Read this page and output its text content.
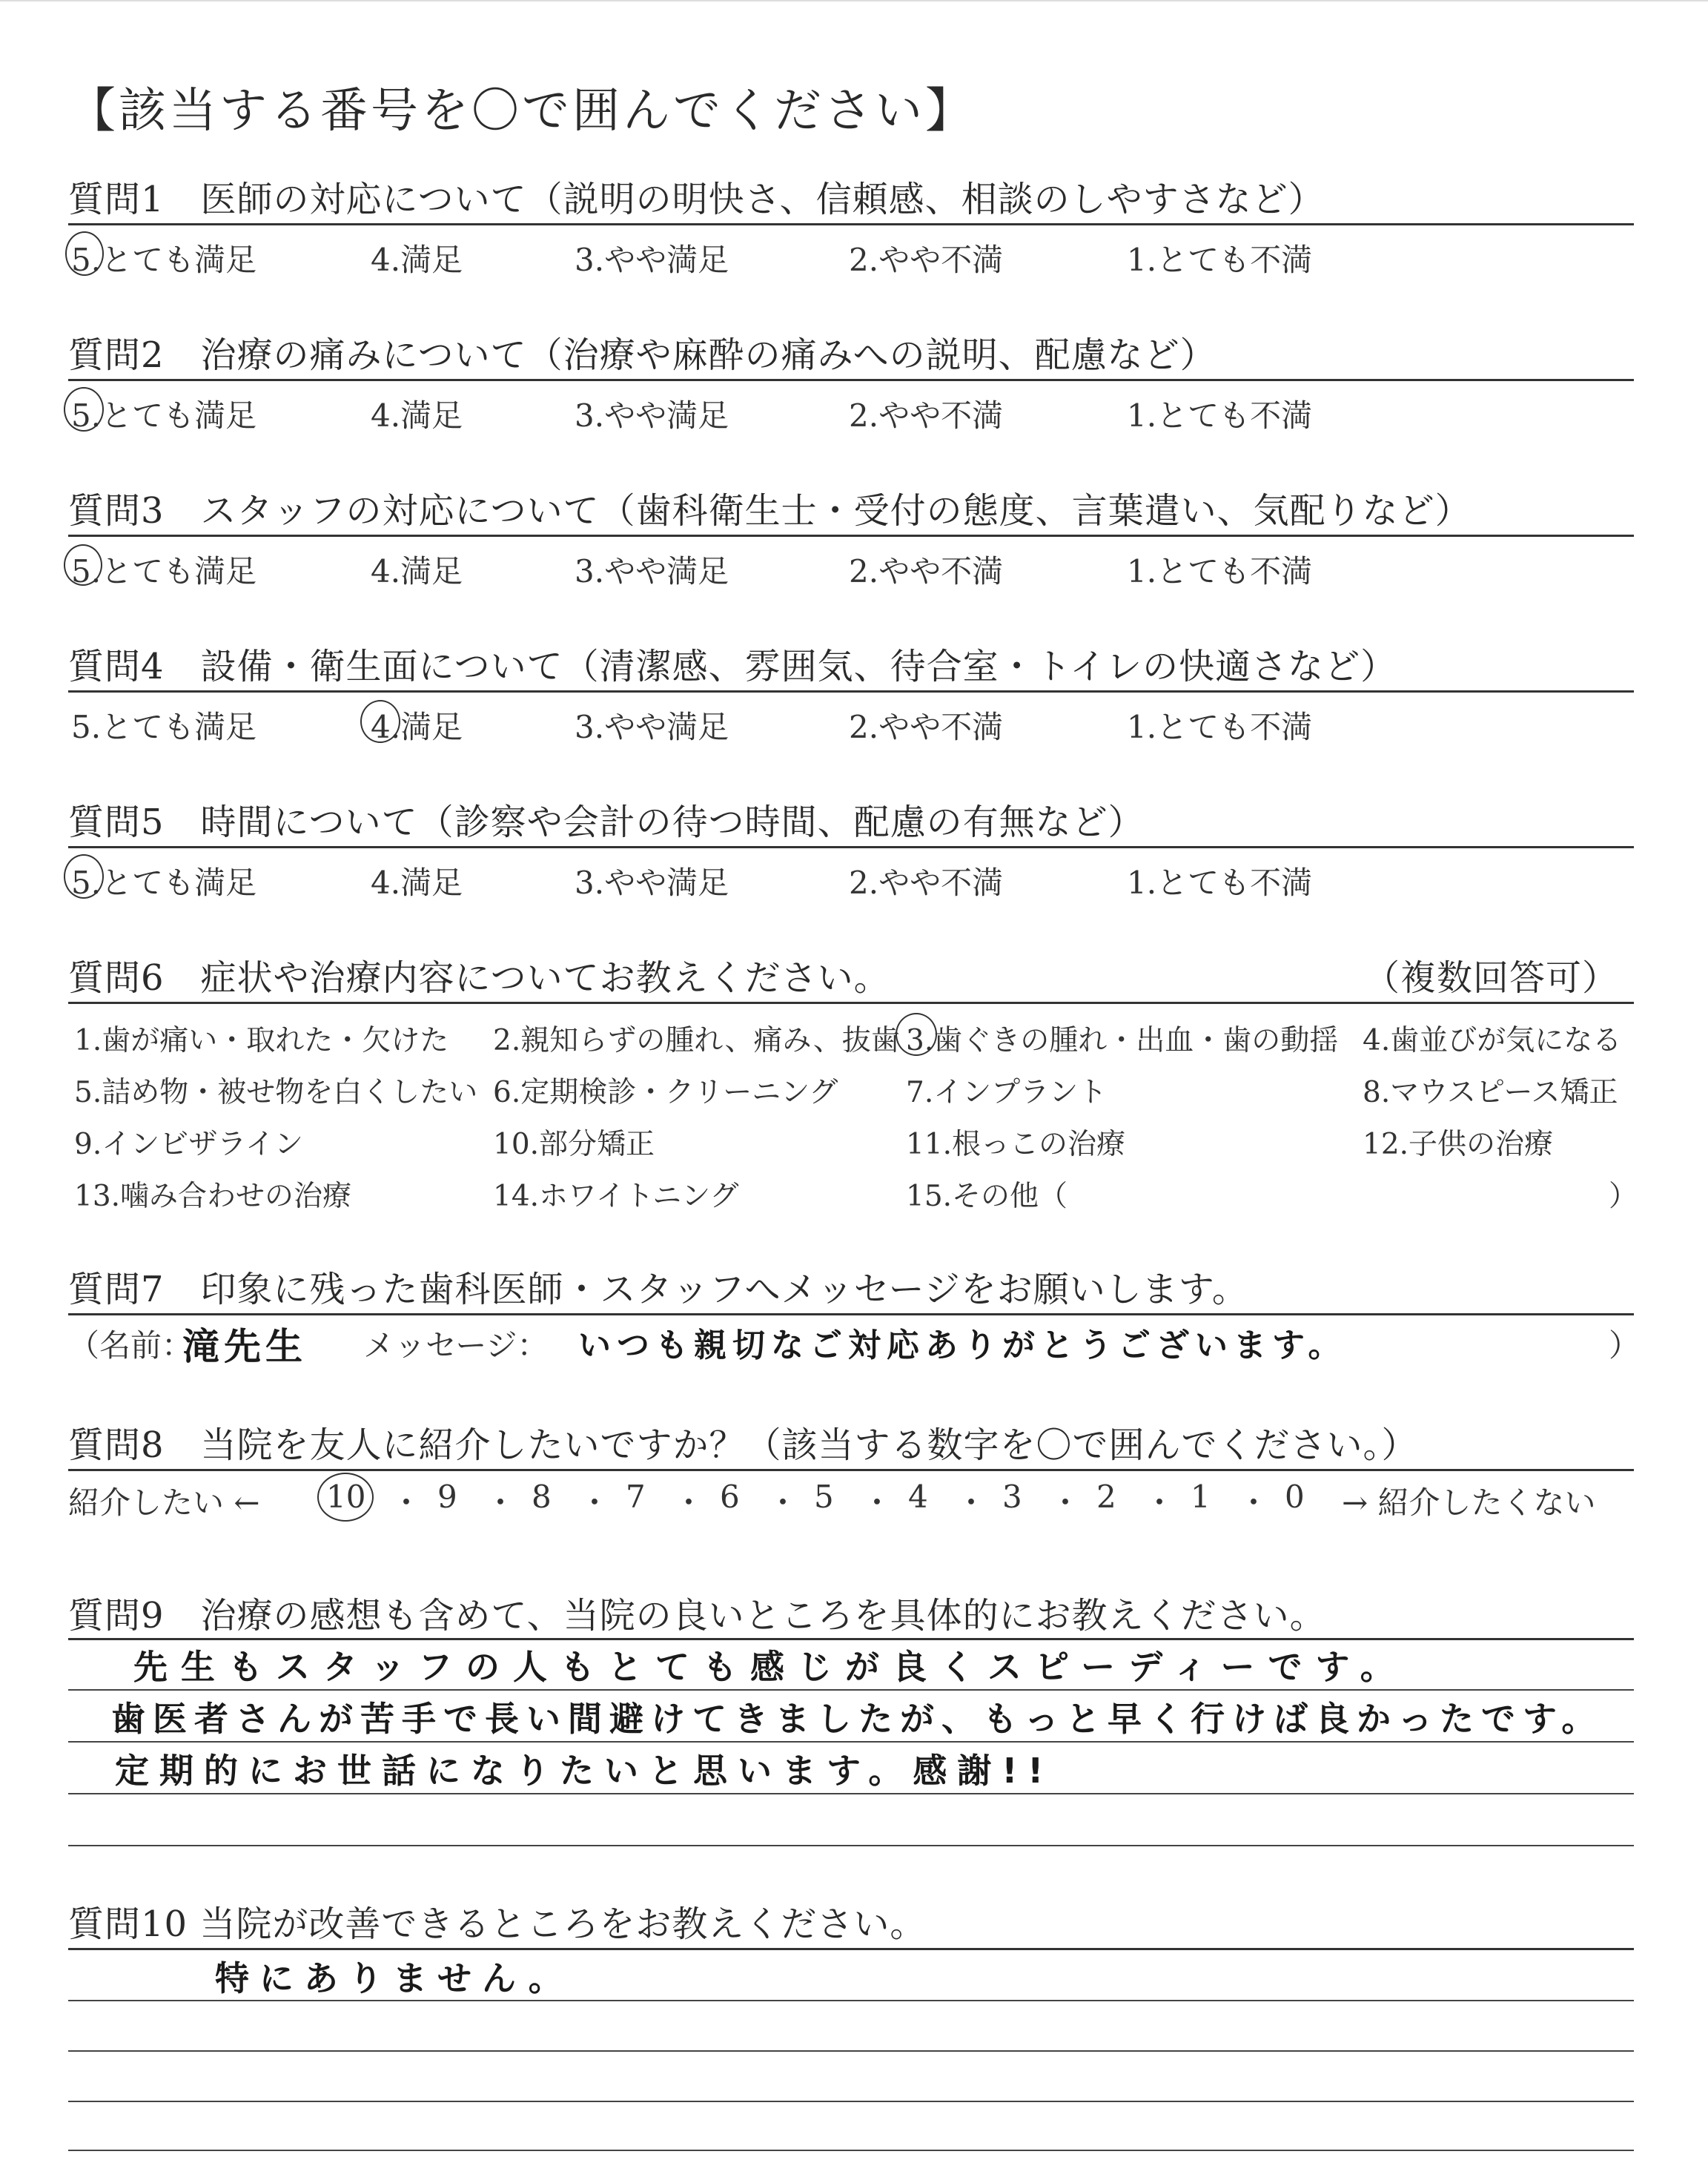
【該当する番号を〇で囲んでください】
質問1　医師の対応について（説明の明快さ、信頼感、相談のしやすさなど）
5.とても満足	4.満足	3.やや満足	2.やや不満	1.とても不満
質問2　治療の痛みについて（治療や麻酔の痛みへの説明、配慮など）
5.とても満足	4.満足	3.やや満足	2.やや不満	1.とても不満
質問3　スタッフの対応について（歯科衛生士・受付の態度、言葉遣い、気配りなど）
5.とても満足	4.満足	3.やや満足	2.やや不満	1.とても不満
質問4　設備・衛生面について（清潔感、雰囲気、待合室・トイレの快適さなど）
5.とても満足	4.満足	3.やや満足	2.やや不満	1.とても不満
質問5　時間について（診察や会計の待つ時間、配慮の有無など）
5.とても満足	4.満足	3.やや満足	2.やや不満	1.とても不満
質問6　症状や治療内容についてお教えください。	（複数回答可）
1.歯が痛い・取れた・欠けた 2.親知らずの腫れ、痛み、抜歯 3.歯ぐきの腫れ・出血・歯の動揺 4.歯並びが気になる
5.詰め物・被せ物を白くしたい 6.定期検診・クリーニング 7.インプラント	8.マウスピース矯正
9.インビザライン	10.部分矯正	11.根っこの治療	12.子供の治療
13.噛み合わせの治療	14.ホワイトニング	15.その他（	）
質問7　印象に残った歯科医師・スタッフへメッセージをお願いします。
（名前：
滝先生 メッセージ： いつも親切なご対応ありがとうございます。	）
質問8　当院を友人に紹介したいですか？（該当する数字を〇で囲んでください。）
紹介したい ← 10 ・ 9 ・ 8 ・ 7 ・ 6 ・ 5 ・ 4 ・ 3 ・ 2 ・ 1 ・ 0 → 紹介したくない
質問9　治療の感想も含めて、当院の良いところを具体的にお教えください。
先生もスタッフの人もとても感じが良くスピーディーです。
歯医者さんが苦手で長い間避けてきましたが、もっと早く行けば良かったです。
定期的にお世話になりたいと思います。感謝!!
質問10 当院が改善できるところをお教えください。
特にありません。
